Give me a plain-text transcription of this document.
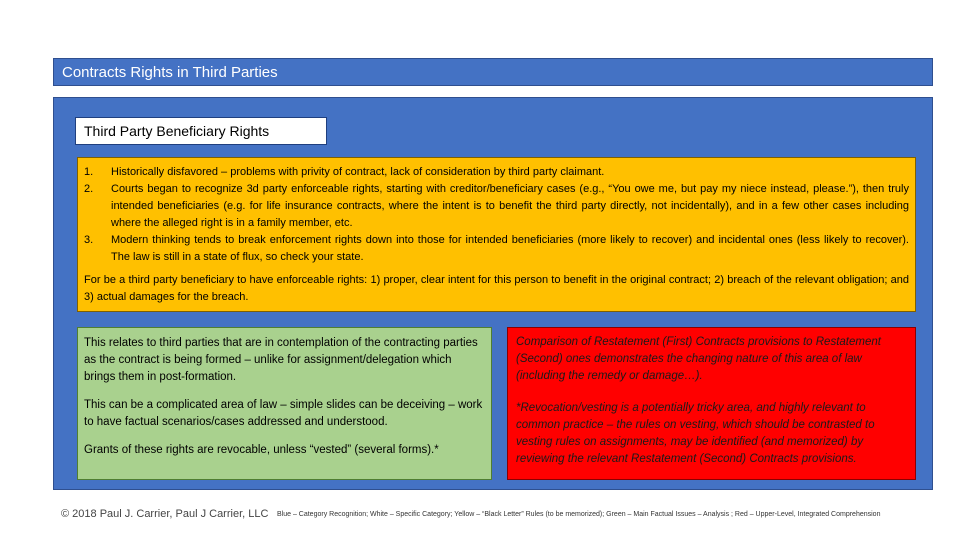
Contracts Rights in Third Parties
Third Party Beneficiary Rights
1.	Historically disfavored – problems with privity of contract, lack of consideration by third party claimant.
2.	Courts began to recognize 3d party enforceable rights, starting with creditor/beneficiary cases (e.g., “You owe me, but pay my niece instead, please.”), then truly intended beneficiaries (e.g. for life insurance contracts, where the intent is to benefit the third party directly, not incidentally), and in a few other cases including where the alleged right is in a family member, etc.
3.	Modern thinking tends to break enforcement rights down into those for intended beneficiaries (more likely to recover) and incidental ones (less likely to recover). The law is still in a state of flux, so check your state.
For be a third party beneficiary to have enforceable rights: 1) proper, clear intent for this person to benefit in the original contract; 2) breach of the relevant obligation; and 3) actual damages for the breach.

This relates to third parties that are in contemplation of the contracting parties as the contract is being formed – unlike for assignment/delegation which brings them in post-formation.

This can be a complicated area of law – simple slides can be deceiving – work to have factual scenarios/cases addressed and understood.

Grants of these rights are revocable, unless “vested” (several forms).*

Comparison of Restatement (First) Contracts provisions to Restatement (Second) ones demonstrates the changing nature of this area of law (including the remedy or damage…).

*Revocation/vesting is a potentially tricky area, and highly relevant to common practice – the rules on vesting, which should be contrasted to vesting rules on assignments, may be identified (and memorized) by reviewing the relevant Restatement (Second) Contracts provisions.

© 2018 Paul J. Carrier, Paul J Carrier, LLC Blue – Category Recognition; White – Specific Category; Yellow – “Black Letter” Rules (to be memorized); Green – Main Factual Issues – Analysis ; Red – Upper-Level, Integrated Comprehension
